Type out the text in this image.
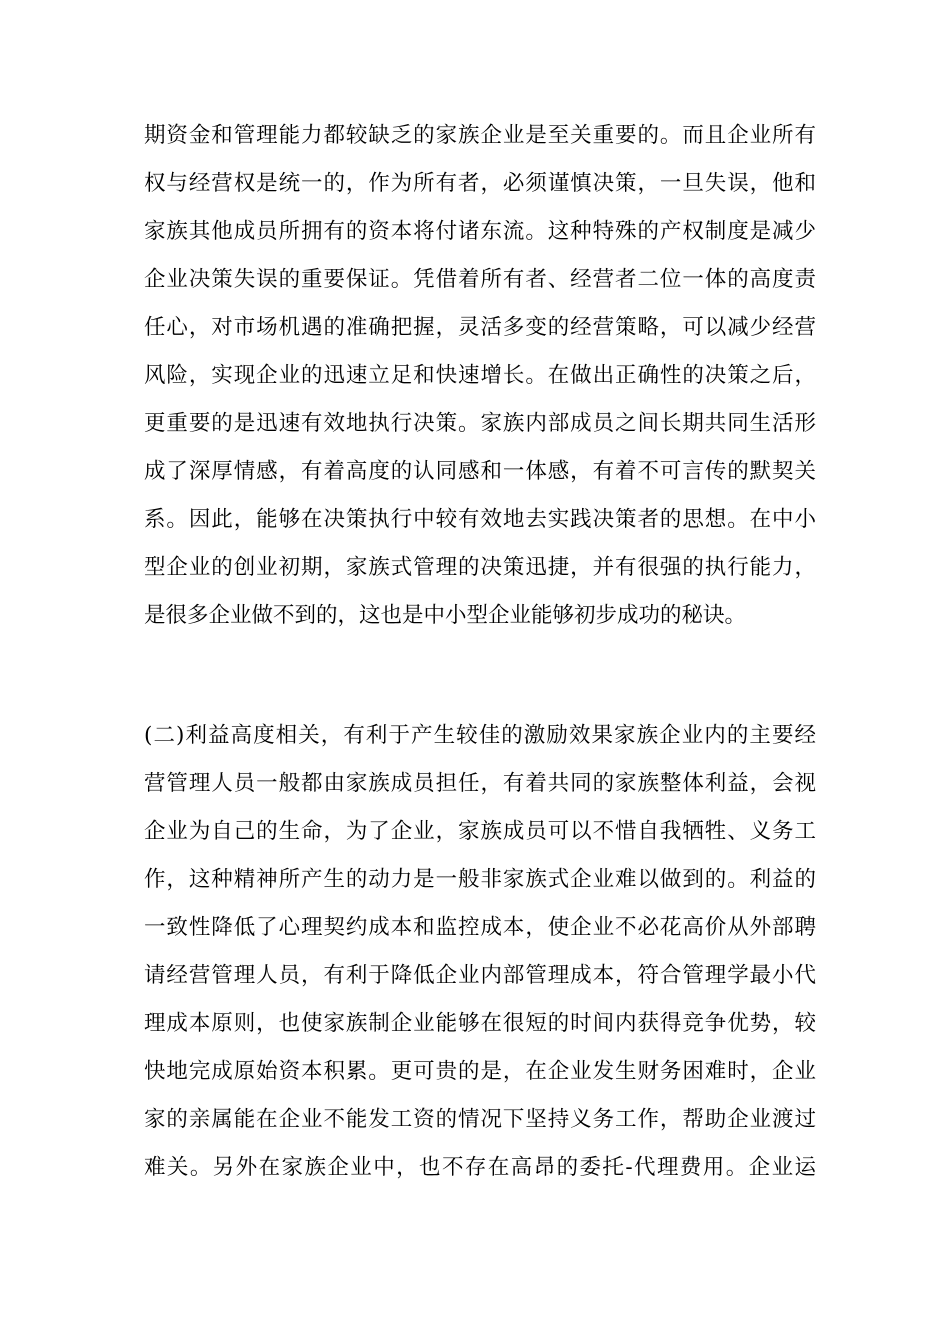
期资金和管理能力都较缺乏的家族企业是至关重要的。而且企业所有
权与经营权是统一的，作为所有者，必须谨慎决策，一旦失误，他和
家族其他成员所拥有的资本将付诸东流。这种特殊的产权制度是减少
企业决策失误的重要保证。凭借着所有者、经营者二位一体的高度责
任心，对市场机遇的准确把握，灵活多变的经营策略，可以减少经营
风险，实现企业的迅速立足和快速增长。在做出正确性的决策之后，
更重要的是迅速有效地执行决策。家族内部成员之间长期共同生活形
成了深厚情感，有着高度的认同感和一体感，有着不可言传的默契关
系。因此，能够在决策执行中较有效地去实践决策者的思想。在中小
型企业的创业初期，家族式管理的决策迅捷，并有很强的执行能力，
是很多企业做不到的，这也是中小型企业能够初步成功的秘诀。
(二)利益高度相关，有利于产生较佳的激励效果家族企业内的主要经
营管理人员一般都由家族成员担任，有着共同的家族整体利益，会视
企业为自己的生命，为了企业，家族成员可以不惜自我牺牲、义务工
作，这种精神所产生的动力是一般非家族式企业难以做到的。利益的
一致性降低了心理契约成本和监控成本，使企业不必花高价从外部聘
请经营管理人员，有利于降低企业内部管理成本，符合管理学最小代
理成本原则，也使家族制企业能够在很短的时间内获得竞争优势，较
快地完成原始资本积累。更可贵的是，在企业发生财务困难时，企业
家的亲属能在企业不能发工资的情况下坚持义务工作，帮助企业渡过
难关。另外在家族企业中，也不存在高昂的委托-代理费用。企业运
